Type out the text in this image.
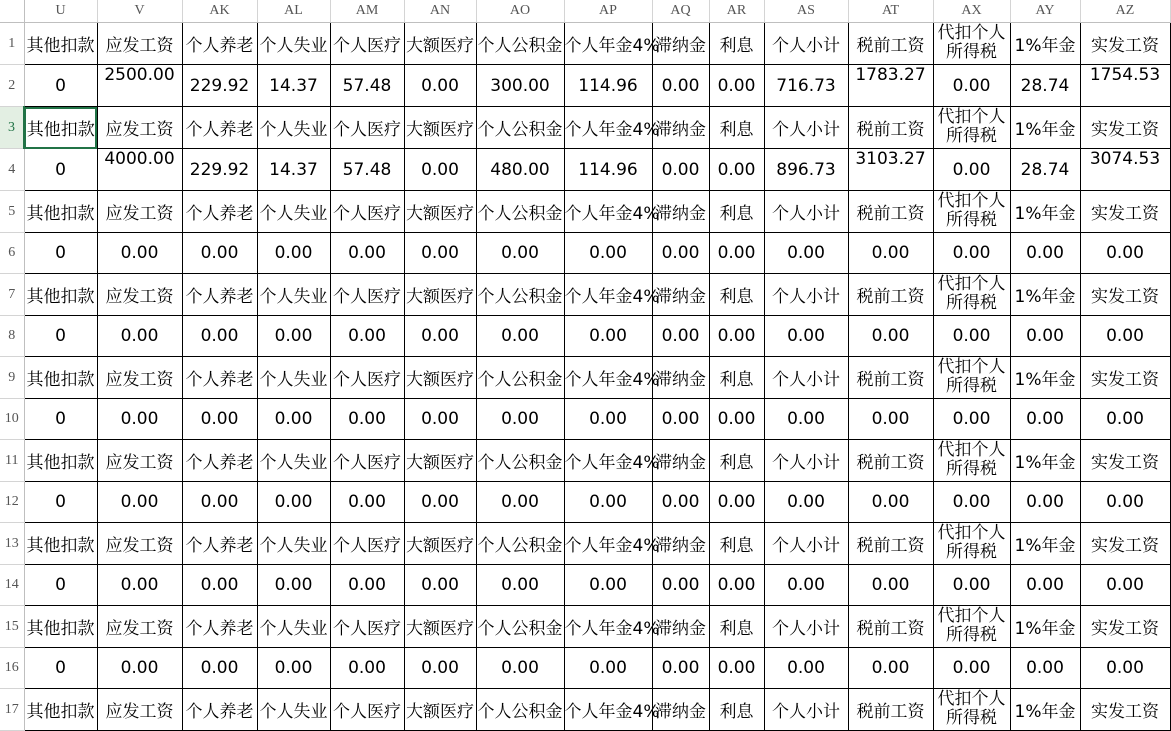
	U	V	AK	AL	AM	AN	AO	AP	AQ	AR	AS	AT	AX	AY	AZ
1	其他扣款	应发工资	个人养老	个人失业	个人医疗	大额医疗	个人公积金	个人年金4%	滞纳金	利息	个人小计	税前工资	代扣个人所得税	1%年金	实发工资
2	0	2500.00	229.92	14.37	57.48	0.00	300.00	114.96	0.00	0.00	716.73	1783.27	0.00	28.74	1754.53
3	其他扣款	应发工资	个人养老	个人失业	个人医疗	大额医疗	个人公积金	个人年金4%	滞纳金	利息	个人小计	税前工资	代扣个人所得税	1%年金	实发工资
4	0	4000.00	229.92	14.37	57.48	0.00	480.00	114.96	0.00	0.00	896.73	3103.27	0.00	28.74	3074.53
5	其他扣款	应发工资	个人养老	个人失业	个人医疗	大额医疗	个人公积金	个人年金4%	滞纳金	利息	个人小计	税前工资	代扣个人所得税	1%年金	实发工资
6	0	0.00	0.00	0.00	0.00	0.00	0.00	0.00	0.00	0.00	0.00	0.00	0.00	0.00	0.00
7	其他扣款	应发工资	个人养老	个人失业	个人医疗	大额医疗	个人公积金	个人年金4%	滞纳金	利息	个人小计	税前工资	代扣个人所得税	1%年金	实发工资
8	0	0.00	0.00	0.00	0.00	0.00	0.00	0.00	0.00	0.00	0.00	0.00	0.00	0.00	0.00
9	其他扣款	应发工资	个人养老	个人失业	个人医疗	大额医疗	个人公积金	个人年金4%	滞纳金	利息	个人小计	税前工资	代扣个人所得税	1%年金	实发工资
10	0	0.00	0.00	0.00	0.00	0.00	0.00	0.00	0.00	0.00	0.00	0.00	0.00	0.00	0.00
11	其他扣款	应发工资	个人养老	个人失业	个人医疗	大额医疗	个人公积金	个人年金4%	滞纳金	利息	个人小计	税前工资	代扣个人所得税	1%年金	实发工资
12	0	0.00	0.00	0.00	0.00	0.00	0.00	0.00	0.00	0.00	0.00	0.00	0.00	0.00	0.00
13	其他扣款	应发工资	个人养老	个人失业	个人医疗	大额医疗	个人公积金	个人年金4%	滞纳金	利息	个人小计	税前工资	代扣个人所得税	1%年金	实发工资
14	0	0.00	0.00	0.00	0.00	0.00	0.00	0.00	0.00	0.00	0.00	0.00	0.00	0.00	0.00
15	其他扣款	应发工资	个人养老	个人失业	个人医疗	大额医疗	个人公积金	个人年金4%	滞纳金	利息	个人小计	税前工资	代扣个人所得税	1%年金	实发工资
16	0	0.00	0.00	0.00	0.00	0.00	0.00	0.00	0.00	0.00	0.00	0.00	0.00	0.00	0.00
17	其他扣款	应发工资	个人养老	个人失业	个人医疗	大额医疗	个人公积金	个人年金4%	滞纳金	利息	个人小计	税前工资	代扣个人所得税	1%年金	实发工资
